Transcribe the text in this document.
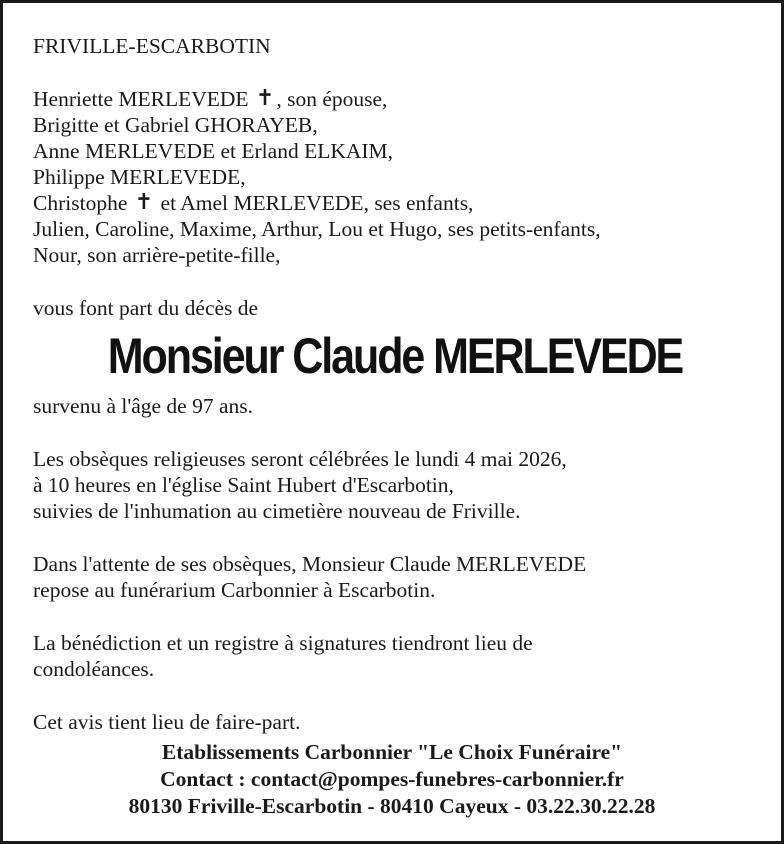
FRIVILLE-ESCARBOTIN
Henriette MERLEVEDE ✝, son épouse,
Brigitte et Gabriel GHORAYEB,
Anne MERLEVEDE et Erland ELKAIM,
Philippe MERLEVEDE,
Christophe ✝ et Amel MERLEVEDE, ses enfants,
Julien, Caroline, Maxime, Arthur, Lou et Hugo, ses petits-enfants,
Nour, son arrière-petite-fille,
vous font part du décès de
Monsieur Claude MERLEVEDE
survenu à l'âge de 97 ans.
Les obsèques religieuses seront célébrées le lundi 4 mai 2026,
à 10 heures en l'église Saint Hubert d'Escarbotin,
suivies de l'inhumation au cimetière nouveau de Friville.
Dans l'attente de ses obsèques, Monsieur Claude MERLEVEDE
repose au funérarium Carbonnier à Escarbotin.
La bénédiction et un registre à signatures tiendront lieu de
condoléances.
Cet avis tient lieu de faire-part.
Etablissements Carbonnier "Le Choix Funéraire"
Contact : contact@pompes-funebres-carbonnier.fr
80130 Friville-Escarbotin - 80410 Cayeux - 03.22.30.22.28
